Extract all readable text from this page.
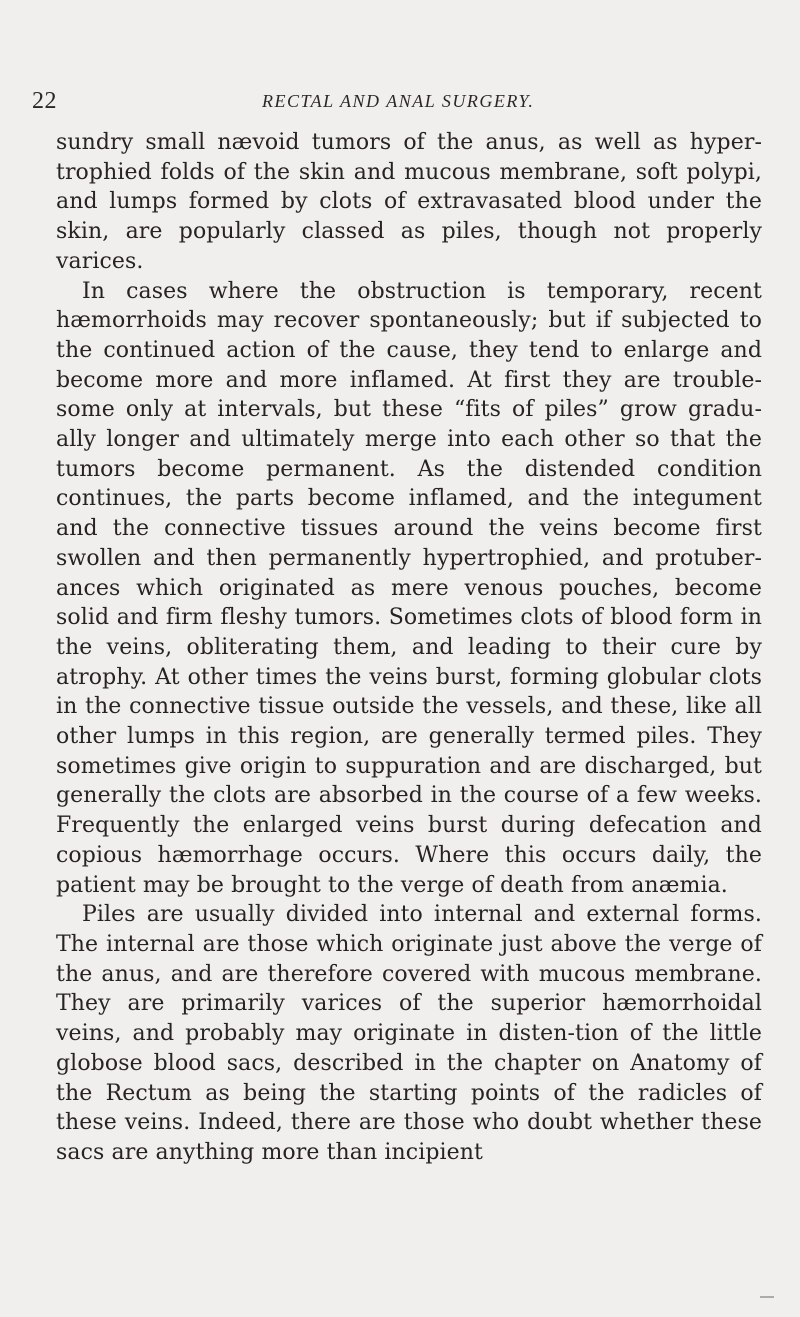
22	RECTAL AND ANAL SURGERY.

sundry small nævoid tumors of the anus, as well as hyper-trophied folds of the skin and mucous membrane, soft polypi, and lumps formed by clots of extravasated blood under the skin, are popularly classed as piles, though not properly varices.

In cases where the obstruction is temporary, recent hæmorrhoids may recover spontaneously; but if subjected to the continued action of the cause, they tend to enlarge and become more and more inflamed. At first they are trouble-some only at intervals, but these “fits of piles” grow gradu-ally longer and ultimately merge into each other so that the tumors become permanent. As the distended condition continues, the parts become inflamed, and the integument and the connective tissues around the veins become first swollen and then permanently hypertrophied, and protuber-ances which originated as mere venous pouches, become solid and firm fleshy tumors. Sometimes clots of blood form in the veins, obliterating them, and leading to their cure by atrophy. At other times the veins burst, forming globular clots in the connective tissue outside the vessels, and these, like all other lumps in this region, are generally termed piles. They sometimes give origin to suppuration and are discharged, but generally the clots are absorbed in the course of a few weeks. Frequently the enlarged veins burst during defecation and copious hæmorrhage occurs. Where this occurs daily, the patient may be brought to the verge of death from anæmia.

Piles are usually divided into internal and external forms. The internal are those which originate just above the verge of the anus, and are therefore covered with mucous membrane. They are primarily varices of the superior hæmorrhoidal veins, and probably may originate in disten-tion of the little globose blood sacs, described in the chapter on Anatomy of the Rectum as being the starting points of the radicles of these veins. Indeed, there are those who doubt whether these sacs are anything more than incipient
